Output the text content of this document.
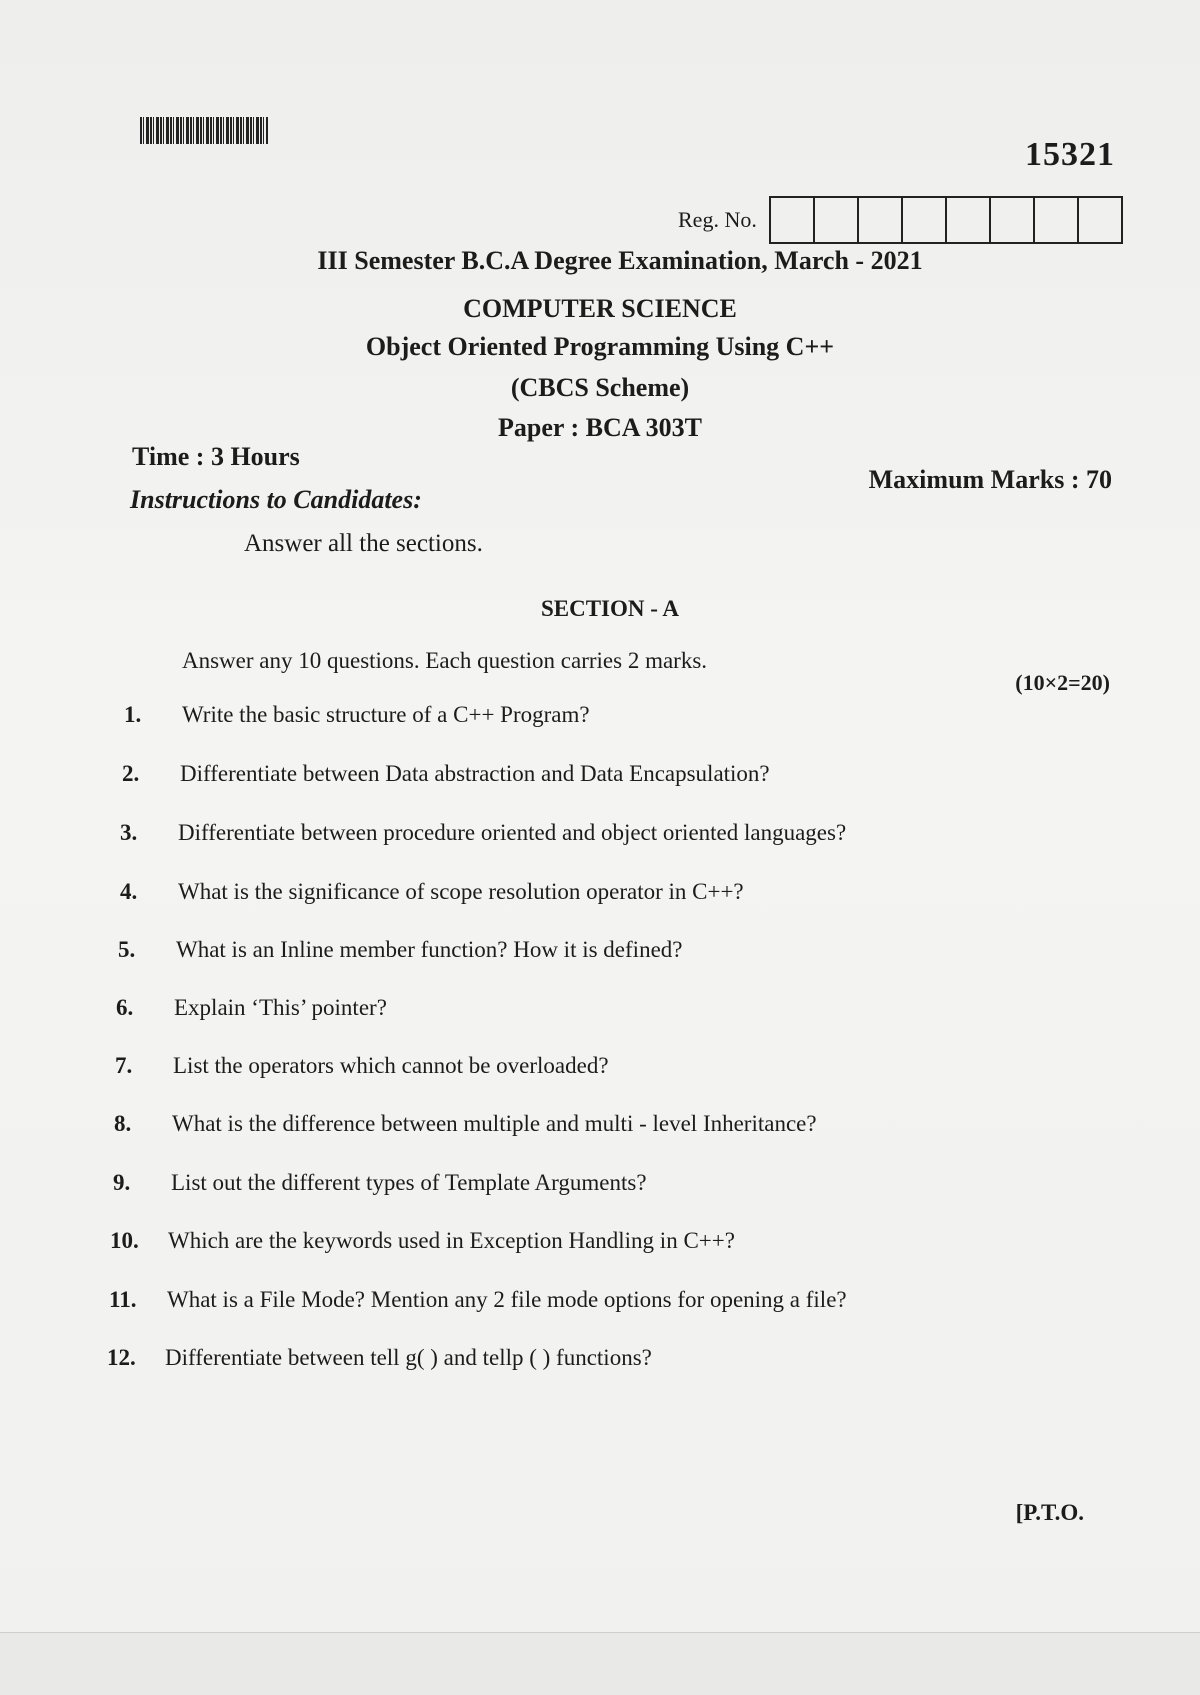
15321
Reg. No.
III Semester B.C.A Degree Examination, March - 2021
COMPUTER SCIENCE
Object Oriented Programming Using C++
(CBCS Scheme)
Paper : BCA 303T
Time : 3 Hours
Maximum Marks : 70
Instructions to Candidates:
Answer all the sections.
SECTION - A
Answer any 10 questions. Each question carries 2 marks.
(10×2=20)
1.	Write the basic structure of a C++ Program?
2.	Differentiate between Data abstraction and Data Encapsulation?
3.	Differentiate between procedure oriented and object oriented languages?
4.	What is the significance of scope resolution operator in C++?
5.	What is an Inline member function? How it is defined?
6.	Explain ‘This’ pointer?
7.	List the operators which cannot be overloaded?
8.	What is the difference between multiple and multi - level Inheritance?
9.	List out the different types of Template Arguments?
10.	Which are the keywords used in Exception Handling in C++?
11.	What is a File Mode? Mention any 2 file mode options for opening a file?
12.	Differentiate between tell g( ) and tellp ( ) functions?
[P.T.O.
